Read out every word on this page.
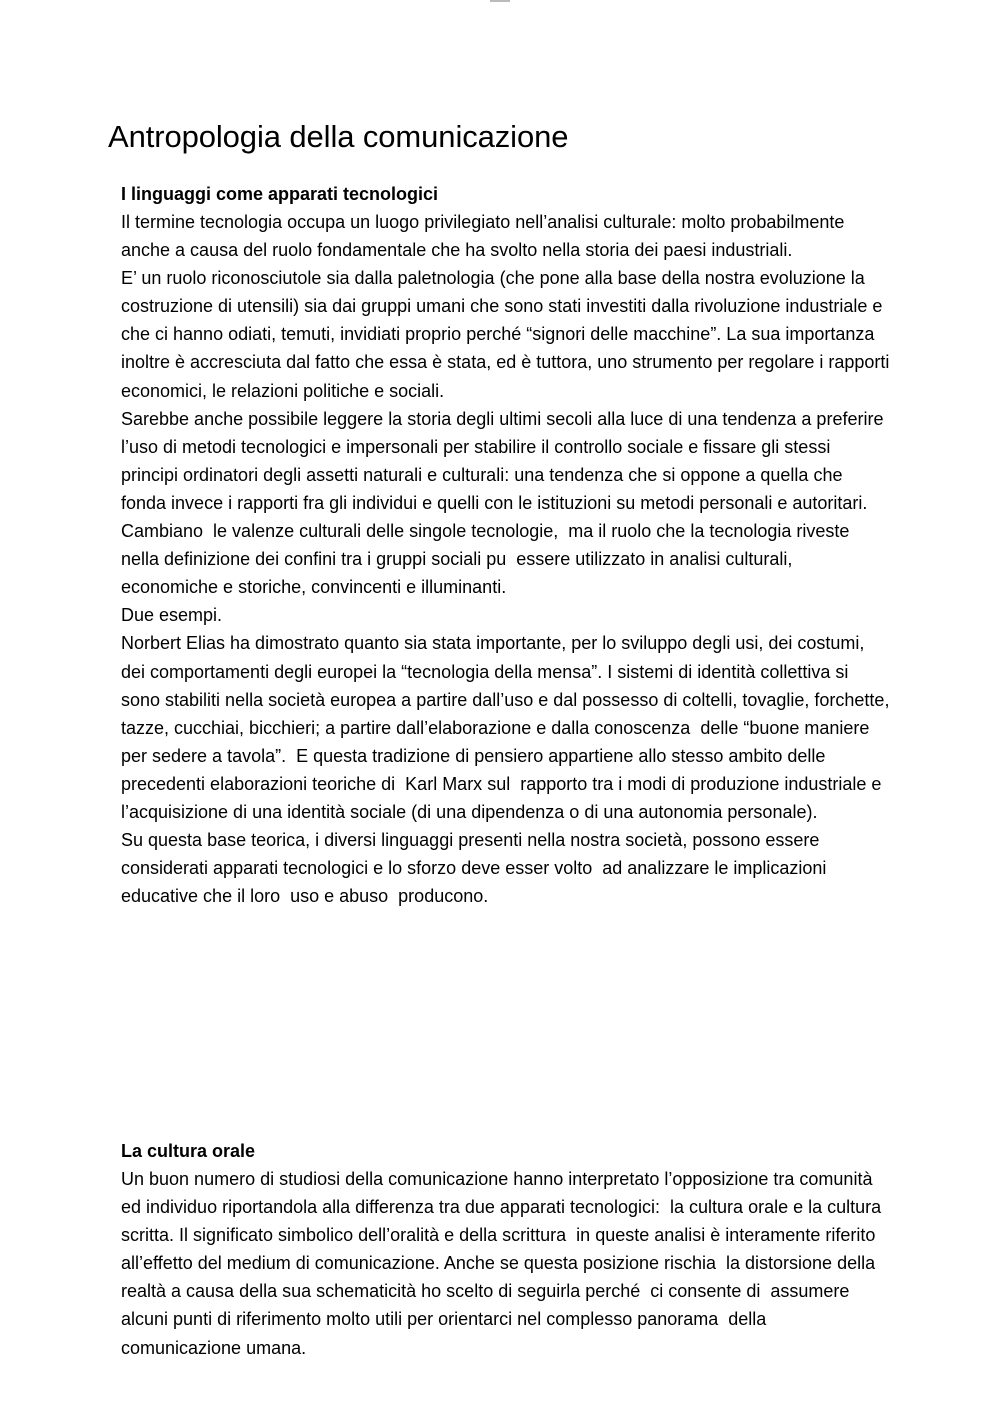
Antropologia della comunicazione
I linguaggi come apparati tecnologici

Il termine tecnologia occupa un luogo privilegiato nell’analisi culturale: molto probabilmente anche a causa del ruolo fondamentale che ha svolto nella storia dei paesi industriali.

E’ un ruolo riconosciutole sia dalla paletnologia (che pone alla base della nostra evoluzione la costruzione di utensili) sia dai gruppi umani che sono stati investiti dalla rivoluzione industriale e che ci hanno odiati, temuti, invidiati proprio perché “signori delle macchine”. La sua importanza inoltre è accresciuta dal fatto che essa è stata, ed è tuttora, uno strumento per regolare i rapporti economici, le relazioni politiche e sociali.

Sarebbe anche possibile leggere la storia degli ultimi secoli alla luce di una tendenza a preferire l’uso di metodi tecnologici e impersonali per stabilire il controllo sociale e fissare gli stessi principi ordinatori degli assetti naturali e culturali: una tendenza che si oppone a quella che fonda invece i rapporti fra gli individui e quelli con le istituzioni su metodi personali e autoritari.

Cambiano  le valenze culturali delle singole tecnologie,  ma il ruolo che la tecnologia riveste nella definizione dei confini tra i gruppi sociali pu  essere utilizzato in analisi culturali, economiche e storiche, convincenti e illuminanti.

Due esempi.

Norbert Elias ha dimostrato quanto sia stata importante, per lo sviluppo degli usi, dei costumi, dei comportamenti degli europei la “tecnologia della mensa”. I sistemi di identità collettiva si sono stabiliti nella società europea a partire dall’uso e dal possesso di coltelli, tovaglie, forchette, tazze, cucchiai, bicchieri; a partire dall’elaborazione e dalla conoscenza  delle “buone maniere  per sedere a tavola”.  E questa tradizione di pensiero appartiene allo stesso ambito delle precedenti elaborazioni teoriche di  Karl Marx sul  rapporto tra i modi di produzione industriale e l’acquisizione di una identità sociale (di una dipendenza o di una autonomia personale).

Su questa base teorica, i diversi linguaggi presenti nella nostra società, possono essere considerati apparati tecnologici e lo sforzo deve esser volto  ad analizzare le implicazioni educative che il loro  uso e abuso  producono.

La cultura orale

Un buon numero di studiosi della comunicazione hanno interpretato l’opposizione tra comunità ed individuo riportandola alla differenza tra due apparati tecnologici:  la cultura orale e la cultura scritta. Il significato simbolico dell’oralità e della scrittura  in queste analisi è interamente riferito  all’effetto del medium di comunicazione. Anche se questa posizione rischia  la distorsione della realtà a causa della sua schematicità ho scelto di seguirla perché  ci consente di  assumere alcuni punti di riferimento molto utili per orientarci nel complesso panorama  della comunicazione umana.
